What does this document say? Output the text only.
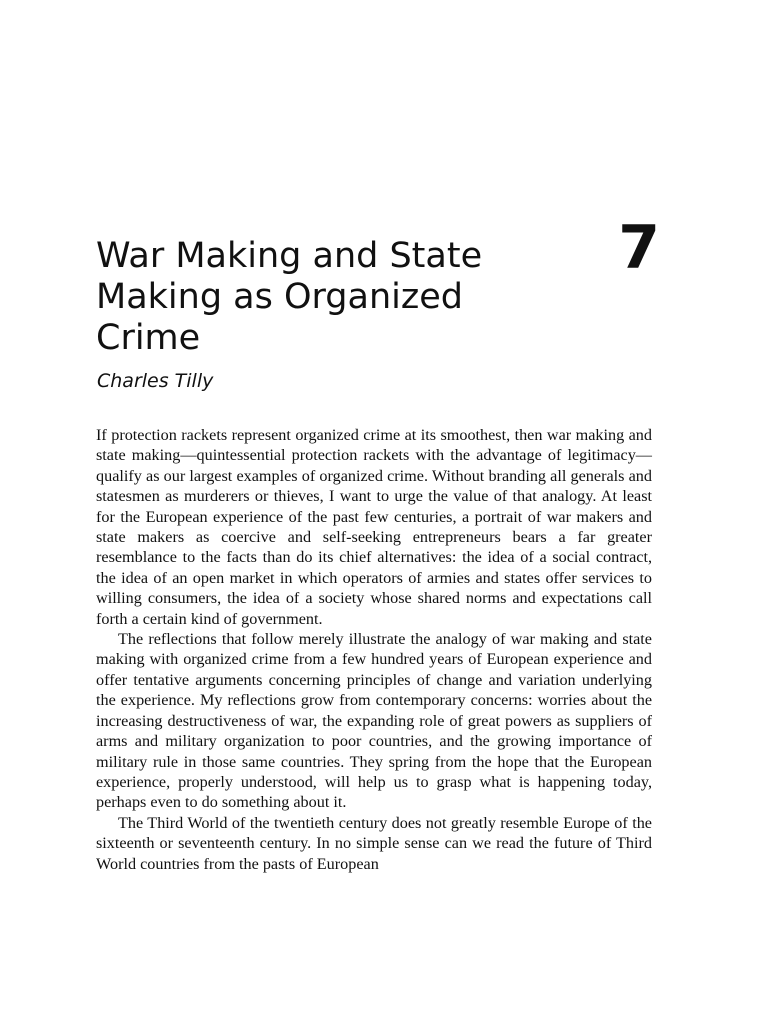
7
War Making and State Making as Organized Crime
Charles Tilly

If protection rackets represent organized crime at its smoothest, then war making and state making—quintessential protection rackets with the advantage of legitimacy—qualify as our largest examples of organized crime. Without branding all generals and statesmen as murderers or thieves, I want to urge the value of that analogy. At least for the European experience of the past few centuries, a portrait of war makers and state makers as coercive and self-seeking entrepreneurs bears a far greater resemblance to the facts than do its chief alternatives: the idea of a social contract, the idea of an open market in which operators of armies and states offer services to willing consumers, the idea of a society whose shared norms and expectations call forth a certain kind of government.

The reflections that follow merely illustrate the analogy of war making and state making with organized crime from a few hundred years of European experience and offer tentative arguments concerning principles of change and variation underlying the experience. My reflections grow from contemporary concerns: worries about the increasing destructiveness of war, the expanding role of great powers as suppliers of arms and military organization to poor countries, and the growing importance of military rule in those same countries. They spring from the hope that the European experience, properly understood, will help us to grasp what is happening today, perhaps even to do something about it.

The Third World of the twentieth century does not greatly resemble Europe of the sixteenth or seventeenth century. In no simple sense can we read the future of Third World countries from the pasts of European
